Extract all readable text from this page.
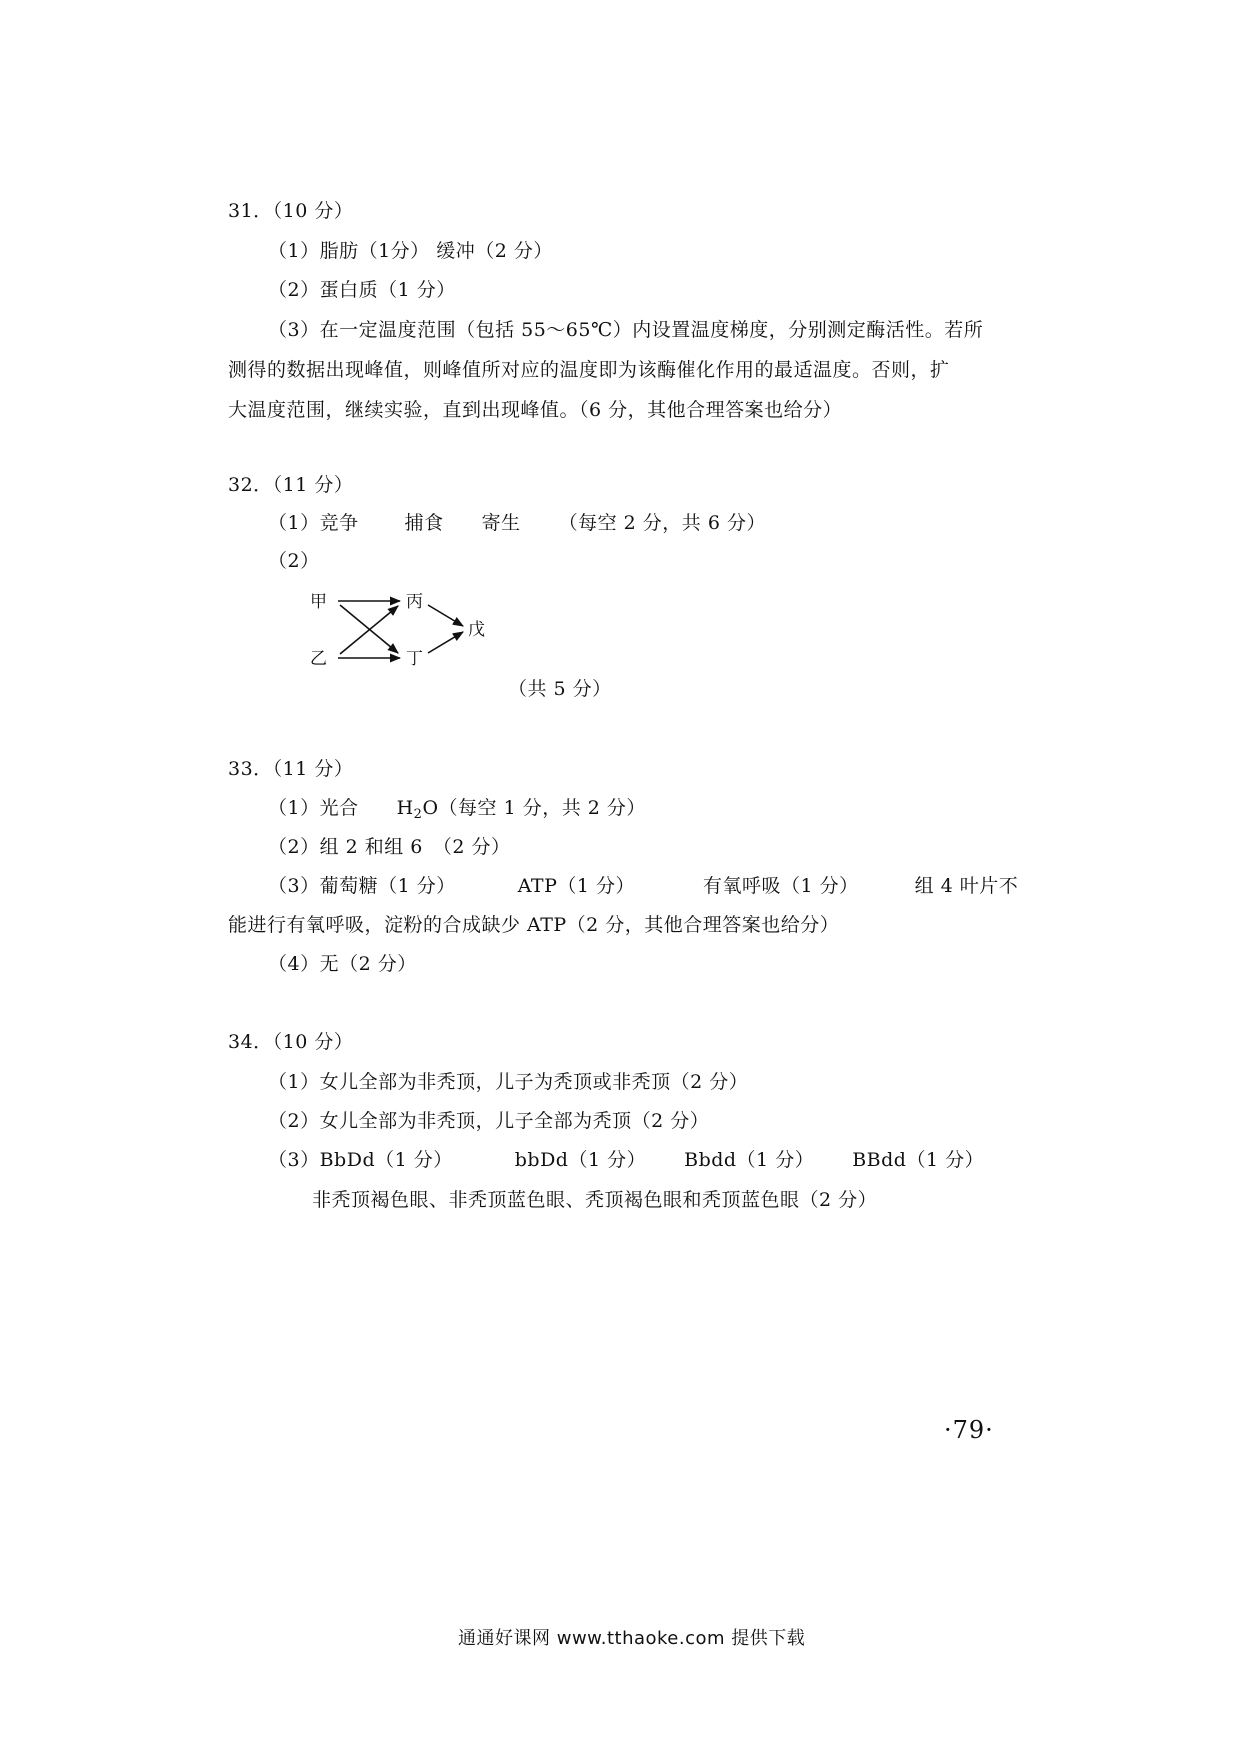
31．（10 分）
（1）脂肪（1分） 缓冲（2 分）
（2）蛋白质（1 分）
（3）在一定温度范围（包括 55～65℃）内设置温度梯度，分别测定酶活性。若所
测得的数据出现峰值，则峰值所对应的温度即为该酶催化作用的最适温度。否则，扩
大温度范围，继续实验，直到出现峰值。（6 分，其他合理答案也给分）
32．（11 分）
（1）竞争 捕食 寄生 （每空 2 分，共 6 分）
（2）
甲
乙
丙
丁
戊
（共 5 分）
33．（11 分）
（1）光合 $H_2O$（每空 1 分，共 2 分）
（2）组 2 和组 6　（2 分）
（3）葡萄糖（1 分）	ATP（1 分）	有氧呼吸（1 分）	组 4 叶片不
能进行有氧呼吸，淀粉的合成缺少 ATP（2 分，其他合理答案也给分）
（4）无（2 分）
34．（10 分）
（1）女儿全部为非秃顶，儿子为秃顶或非秃顶（2 分）
（2）女儿全部为非秃顶，儿子全部为秃顶（2 分）
（3）BbDd（1 分）	bbDd（1 分） Bbdd（1 分） BBdd（1 分）
非秃顶褐色眼、非秃顶蓝色眼、秃顶褐色眼和秃顶蓝色眼（2 分）
·79·
通通好课网 www.tthaoke.com 提供下载
